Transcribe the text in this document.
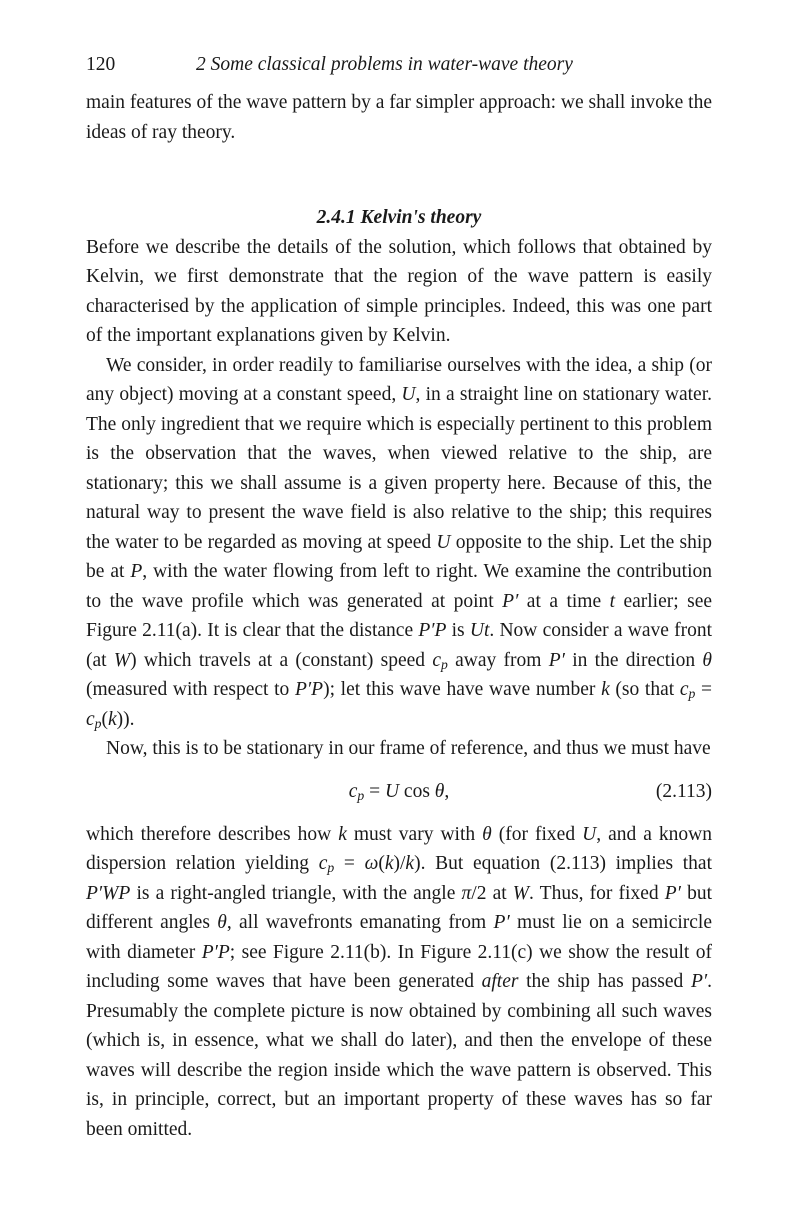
120	2 Some classical problems in water-wave theory

main features of the wave pattern by a far simpler approach: we shall invoke the ideas of ray theory.

2.4.1 Kelvin's theory

Before we describe the details of the solution, which follows that obtained by Kelvin, we first demonstrate that the region of the wave pattern is easily characterised by the application of simple principles. Indeed, this was one part of the important explanations given by Kelvin.

We consider, in order readily to familiarise ourselves with the idea, a ship (or any object) moving at a constant speed, U, in a straight line on stationary water. The only ingredient that we require which is especially pertinent to this problem is the observation that the waves, when viewed relative to the ship, are stationary; this we shall assume is a given property here. Because of this, the natural way to present the wave field is also relative to the ship; this requires the water to be regarded as moving at speed U opposite to the ship. Let the ship be at P, with the water flowing from left to right. We examine the contribution to the wave profile which was generated at point P′ at a time t earlier; see Figure 2.11(a). It is clear that the distance P′P is Ut. Now consider a wave front (at W) which travels at a (constant) speed $c_p$ away from P′ in the direction θ (measured with respect to P′P); let this wave have wave number k (so that $c_p = c_p(k)$).

Now, this is to be stationary in our frame of reference, and thus we must have

$c_p = U$ cos θ,	(2.113)

which therefore describes how k must vary with θ (for fixed U, and a known dispersion relation yielding $c_p = \omega(k)/k$). But equation (2.113) implies that P′WP is a right-angled triangle, with the angle π/2 at W. Thus, for fixed P′ but different angles θ, all wavefronts emanating from P′ must lie on a semicircle with diameter P′P; see Figure 2.11(b). In Figure 2.11(c) we show the result of including some waves that have been generated after the ship has passed P′. Presumably the complete picture is now obtained by combining all such waves (which is, in essence, what we shall do later), and then the envelope of these waves will describe the region inside which the wave pattern is observed. This is, in principle, correct, but an important property of these waves has so far been omitted.
